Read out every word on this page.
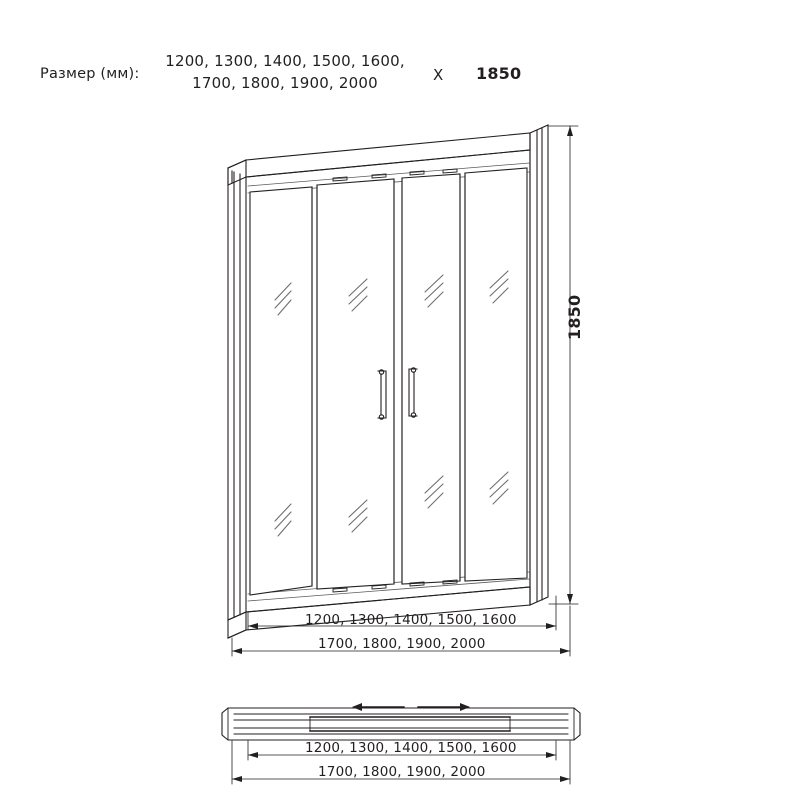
Размер (мм):
1200, 1300, 1400, 1500, 1600,
1700, 1800, 1900, 2000	X 1850
1850
1200, 1300, 1400, 1500, 1600
1700, 1800, 1900, 2000
1200, 1300, 1400, 1500, 1600
1700, 1800, 1900, 2000
